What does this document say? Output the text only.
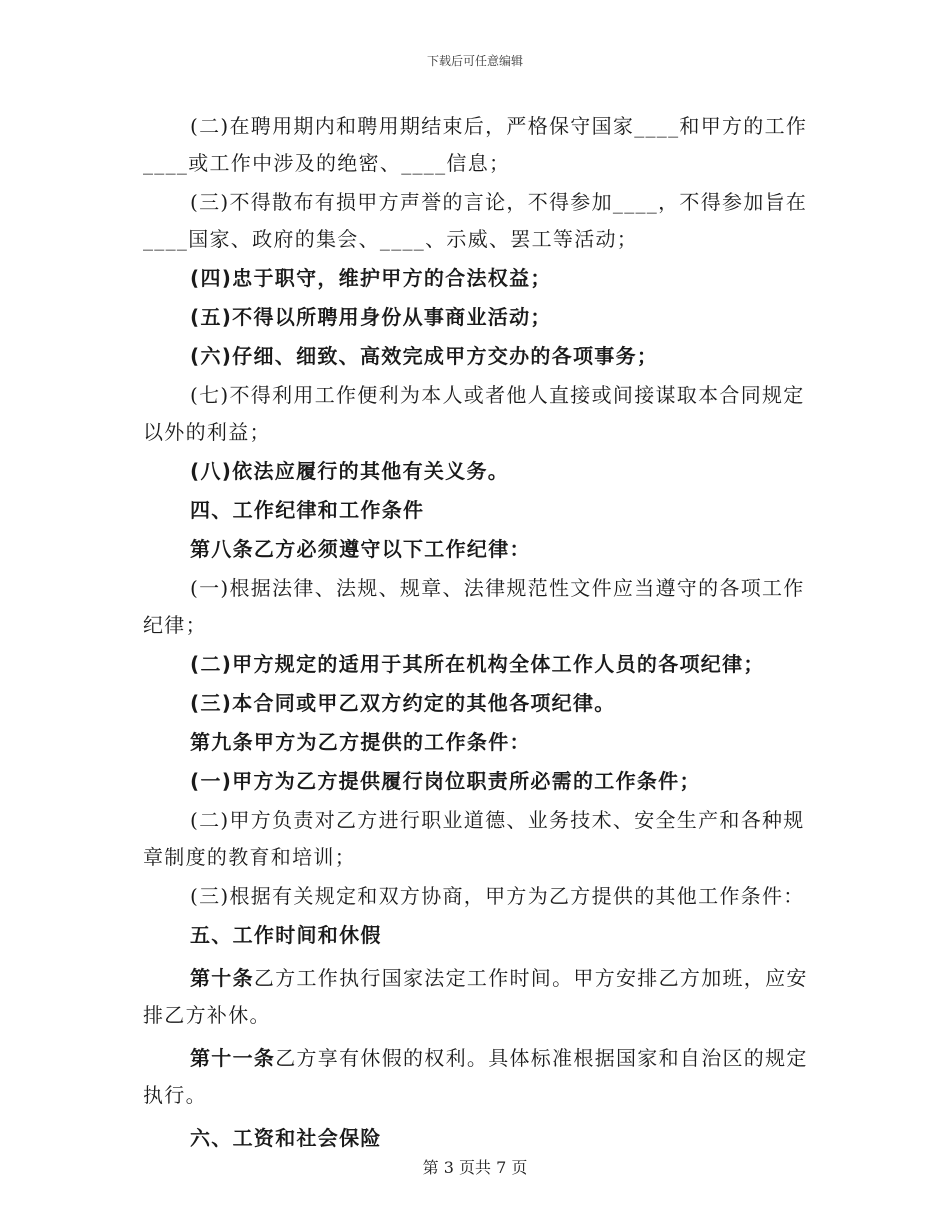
下载后可任意编辑

(二)在聘用期内和聘用期结束后，严格保守国家____和甲方的工作____或工作中涉及的绝密、____信息；

(三)不得散布有损甲方声誉的言论，不得参加____，不得参加旨在____国家、政府的集会、____、示威、罢工等活动；

(四)忠于职守，维护甲方的合法权益；

(五)不得以所聘用身份从事商业活动；

(六)仔细、细致、高效完成甲方交办的各项事务；

(七)不得利用工作便利为本人或者他人直接或间接谋取本合同规定以外的利益；

(八)依法应履行的其他有关义务。

四、工作纪律和工作条件

第八条乙方必须遵守以下工作纪律：

(一)根据法律、法规、规章、法律规范性文件应当遵守的各项工作纪律；

(二)甲方规定的适用于其所在机构全体工作人员的各项纪律；

(三)本合同或甲乙双方约定的其他各项纪律。

第九条甲方为乙方提供的工作条件：

(一)甲方为乙方提供履行岗位职责所必需的工作条件；

(二)甲方负责对乙方进行职业道德、业务技术、安全生产和各种规章制度的教育和培训；

(三)根据有关规定和双方协商，甲方为乙方提供的其他工作条件：

五、工作时间和休假

第十条乙方工作执行国家法定工作时间。甲方安排乙方加班，应安排乙方补休。

第十一条乙方享有休假的权利。具体标准根据国家和自治区的规定执行。

六、工资和社会保险

第 3 页共 7 页
